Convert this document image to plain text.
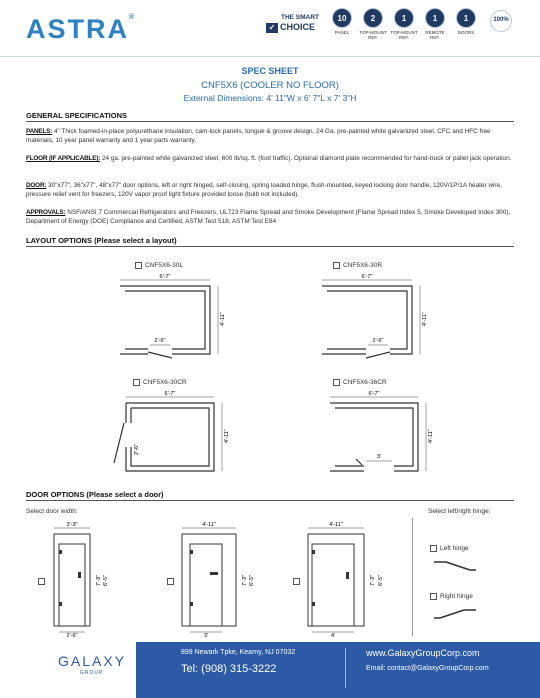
ASTRA®	THE SMART
✓ CHOICE
10
PANEL
2
TOP-MOUNT REF.
1
TOP-MOUNT REF.
1
REMOTE REF.
1
DOORS
100%
SPEC SHEET
CNF5X6 (COOLER NO FLOOR)
External Dimensions: 4' 11"W x 6' 7"L x 7' 3"H
GENERAL SPECIFICATIONS
PANELS: 4" Thick foamed-in-place polyurethane insulation, cam-lock panels, tongue & groove design, 24 Ga. pre-painted white galvanized steel, CFC and HFC free materials, 10 year panel warranty and 1 year parts warranty,
FLOOR (IF APPLICABLE): 24 ga. pre-painted white galvanized steel, 600 lb/sq. ft. (foot traffic). Optional diamond plate recommended for hand-truck or pallet jack operation.
DOOR: 30"x77", 36"x77", 48"x77" door options, left or right hinged, self-closing, spring loaded hinge, flush-mounted, keyed locking door handle, 120V/1P/1A heater wire, pressure relief vent for freezers, 120V vapor proof light fixture provided loose (bulb not included).
APPROVALS: NSF/ANSI 7 Commercial Refrigerators and Freezers, UL723 Flame Spread and Smoke Development (Flame Spread Index 5, Smoke Developed Index 300), Department of Energy (DOE) Compliance and Certified, ASTM Test 518, ASTM Test E84
LAYOUT OPTIONS (Please select a layout)
CNF5X6-30L
6'-7"
2'-6"
4'-11"
CNF5X6-30R
6'-7"
2'-6"
4'-11"
CNF5X6-30CR
6'-7"
2'-6"
4'-11"
CNF5X6-36CR
6'-7"
3'
4'-11"
DOOR OPTIONS (Please select a door)
Select door width:	Select left/right hinge:
3'-3"
2'-6"
7'-3" 6'-5"
4'-11"
3'
7'-3" 6'-5"
4'-11"
4'
7'-3" 6'-5"
Left hinge
Right hinge
GALAXY
GROUP
899 Newark Tpke, Kearny, NJ 07032
Tel: (908) 315-3222
www.GalaxyGroupCorp.com
Email: contact@GalaxyGroupCorp.com
